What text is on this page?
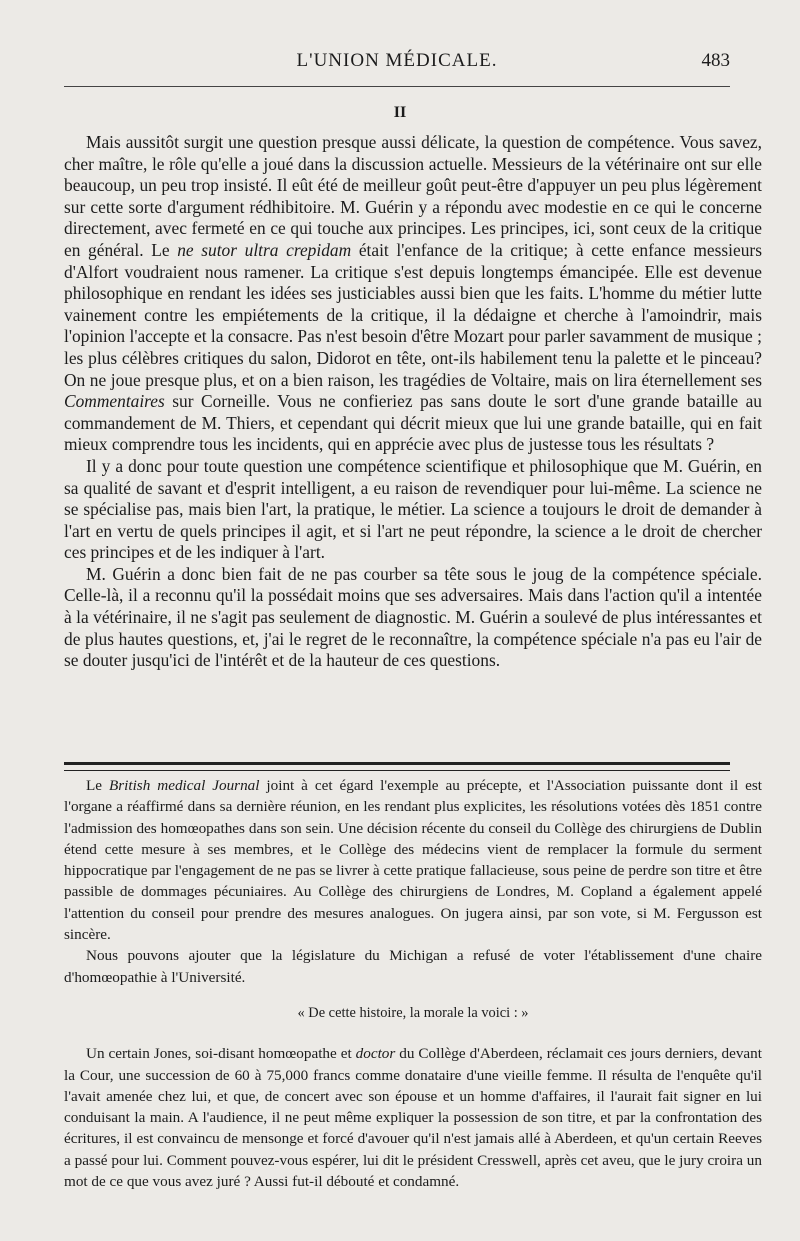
L'UNION MÉDICALE.	483
II

Mais aussitôt surgit une question presque aussi délicate, la question de compétence. Vous savez, cher maître, le rôle qu'elle a joué dans la discussion actuelle. Messieurs de la vétérinaire ont sur elle beaucoup, un peu trop insisté. Il eût été de meilleur goût peut-être d'appuyer un peu plus légèrement sur cette sorte d'argument rédhibitoire. M. Guérin y a répondu avec modestie en ce qui le concerne directement, avec fermeté en ce qui touche aux principes. Les principes, ici, sont ceux de la critique en général. Le ne sutor ultra crepidam était l'enfance de la critique; à cette enfance messieurs d'Alfort voudraient nous ramener. La critique s'est depuis longtemps émancipée. Elle est devenue philosophique en rendant les idées ses justiciables aussi bien que les faits. L'homme du métier lutte vainement contre les empiétements de la critique, il la dédaigne et cherche à l'amoindrir, mais l'opinion l'accepte et la consacre. Pas n'est besoin d'être Mozart pour parler savamment de musique ; les plus célèbres critiques du salon, Didorot en tête, ont-ils habilement tenu la palette et le pinceau? On ne joue presque plus, et on a bien raison, les tragédies de Voltaire, mais on lira éternellement ses Commentaires sur Corneille. Vous ne confieriez pas sans doute le sort d'une grande bataille au commandement de M. Thiers, et cependant qui décrit mieux que lui une grande bataille, qui en fait mieux comprendre tous les incidents, qui en apprécie avec plus de justesse tous les résultats ?

Il y a donc pour toute question une compétence scientifique et philosophique que M. Guérin, en sa qualité de savant et d'esprit intelligent, a eu raison de revendiquer pour lui-même. La science ne se spécialise pas, mais bien l'art, la pratique, le métier. La science a toujours le droit de demander à l'art en vertu de quels principes il agit, et si l'art ne peut répondre, la science a le droit de chercher ces principes et de les indiquer à l'art.

M. Guérin a donc bien fait de ne pas courber sa tête sous le joug de la compétence spéciale. Celle-là, il a reconnu qu'il la possédait moins que ses adversaires. Mais dans l'action qu'il a intentée à la vétérinaire, il ne s'agit pas seulement de diagnostic. M. Guérin a soulevé de plus intéressantes et de plus hautes questions, et, j'ai le regret de le reconnaître, la compétence spéciale n'a pas eu l'air de se douter jusqu'ici de l'intérêt et de la hauteur de ces questions.

Le British medical Journal joint à cet égard l'exemple au précepte, et l'Association puissante dont il est l'organe a réaffirmé dans sa dernière réunion, en les rendant plus explicites, les résolutions votées dès 1851 contre l'admission des homœopathes dans son sein. Une décision récente du conseil du Collège des chirurgiens de Dublin étend cette mesure à ses membres, et le Collège des médecins vient de remplacer la formule du serment hippocratique par l'engagement de ne pas se livrer à cette pratique fallacieuse, sous peine de perdre son titre et être passible de dommages pécuniaires. Au Collège des chirurgiens de Londres, M. Copland a également appelé l'attention du conseil pour prendre des mesures analogues. On jugera ainsi, par son vote, si M. Fergusson est sincère.

Nous pouvons ajouter que la législature du Michigan a refusé de voter l'établissement d'une chaire d'homœopathie à l'Université.

« De cette histoire, la morale la voici : »

Un certain Jones, soi-disant homœopathe et doctor du Collège d'Aberdeen, réclamait ces jours derniers, devant la Cour, une succession de 60 à 75,000 francs comme donataire d'une vieille femme. Il résulta de l'enquête qu'il l'avait amenée chez lui, et que, de concert avec son épouse et un homme d'affaires, il l'aurait fait signer en lui conduisant la main. A l'audience, il ne peut même expliquer la possession de son titre, et par la confrontation des écritures, il est convaincu de mensonge et forcé d'avouer qu'il n'est jamais allé à Aberdeen, et qu'un certain Reeves a passé pour lui. Comment pouvez-vous espérer, lui dit le président Cresswell, après cet aveu, que le jury croira un mot de ce que vous avez juré ? Aussi fut-il débouté et condamné.
